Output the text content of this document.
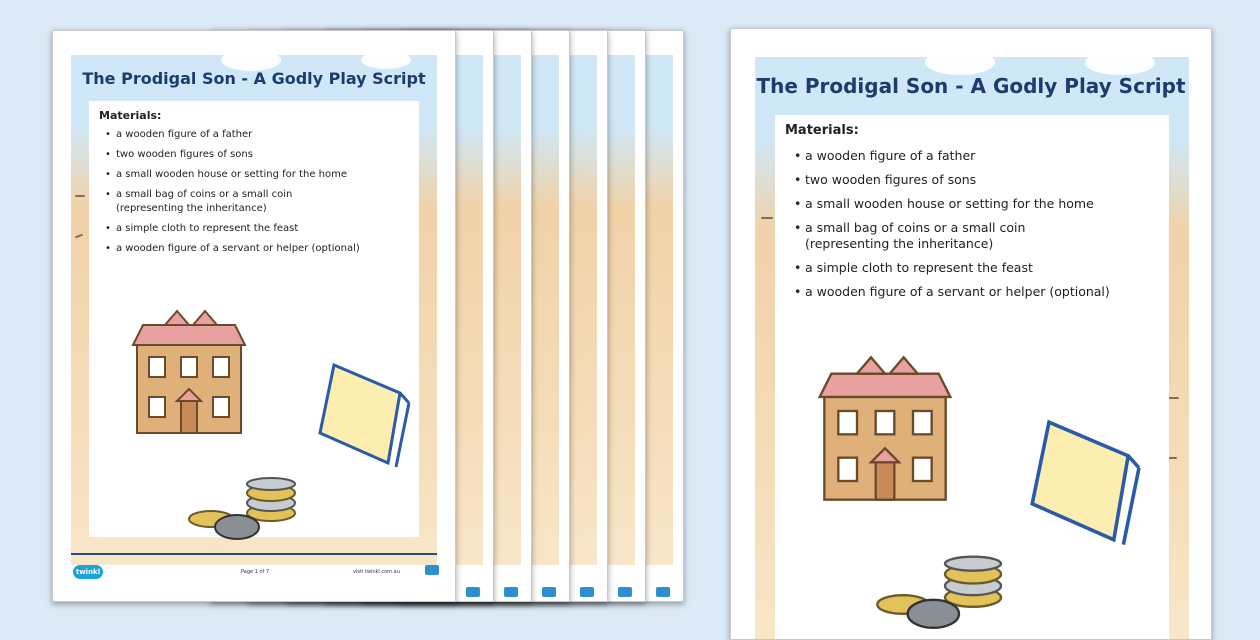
The Prodigal Son - A Godly Play Script
Materials:
• a wooden figure of a father
• two wooden figures of sons
• a small wooden house or setting for the home
• a small bag of coins or a small coin
(representing the inheritance)
• a simple cloth to represent the feast
• a wooden figure of a servant or helper (optional)
twinkl	Page 1 of 7	visit twinkl.com.au
The Prodigal Son - A Godly Play Script
Materials:
• a wooden figure of a father
• two wooden figures of sons
• a small wooden house or setting for the home
• a small bag of coins or a small coin
(representing the inheritance)
• a simple cloth to represent the feast
• a wooden figure of a servant or helper (optional)
